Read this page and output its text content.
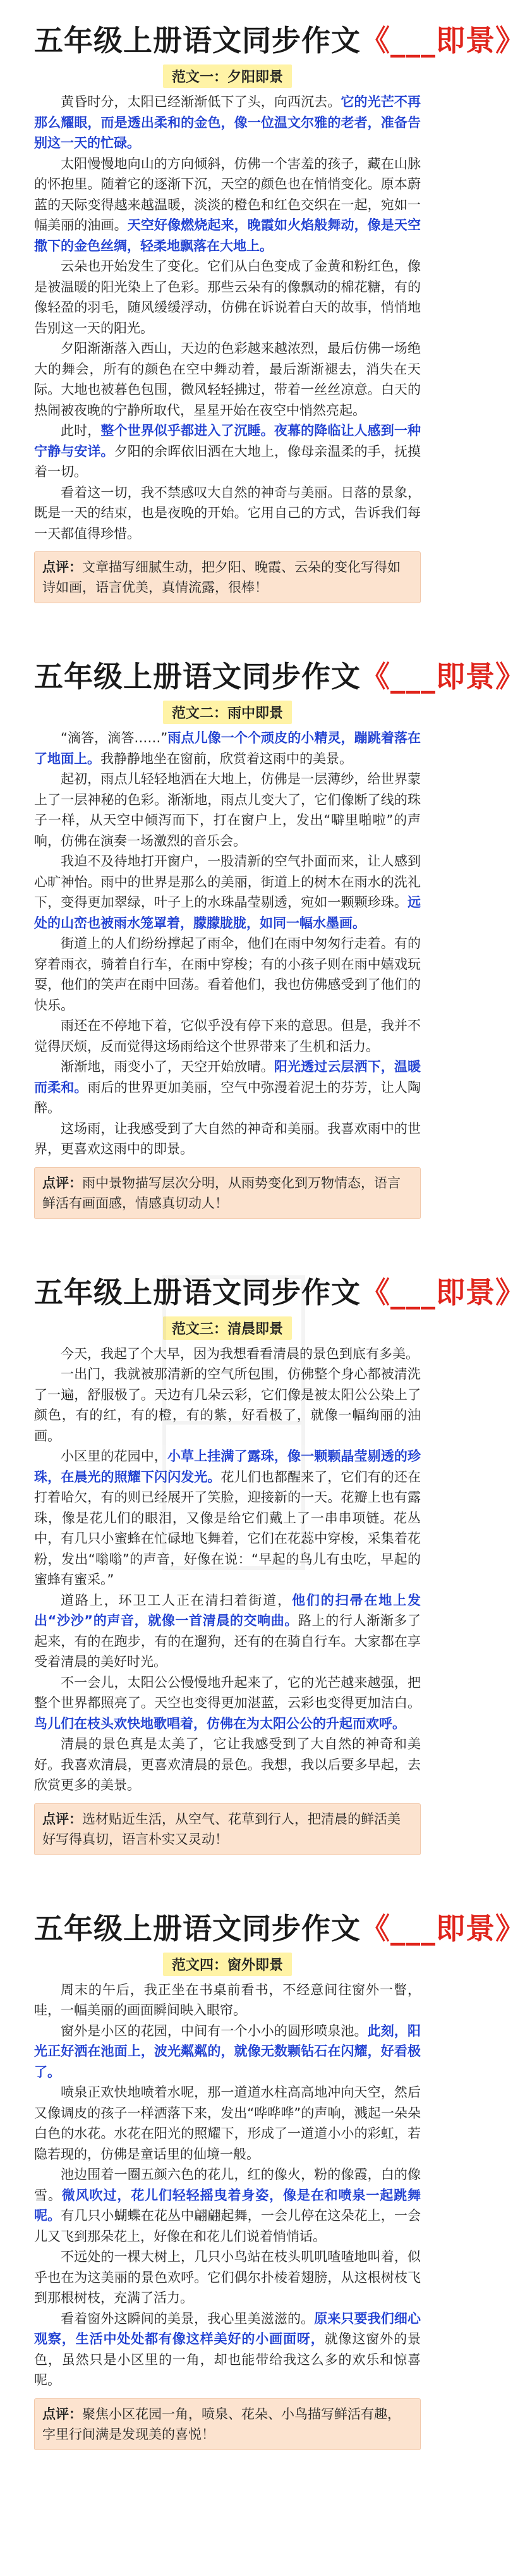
五年级上册语文同步作文《___即景》
范文一：夕阳即景

黄昏时分，太阳已经渐渐低下了头，向西沉去。它的光芒不再那么耀眼，而是透出柔和的金色，像一位温文尔雅的老者，准备告别这一天的忙碌。

太阳慢慢地向山的方向倾斜，仿佛一个害羞的孩子，藏在山脉的怀抱里。随着它的逐渐下沉，天空的颜色也在悄悄变化。原本蔚蓝的天际变得越来越温暖，淡淡的橙色和红色交织在一起，宛如一幅美丽的油画。天空好像燃烧起来，晚霞如火焰般舞动，像是天空撒下的金色丝绸，轻柔地飘落在大地上。

云朵也开始发生了变化。它们从白色变成了金黄和粉红色，像是被温暖的阳光染上了色彩。那些云朵有的像飘动的棉花糖，有的像轻盈的羽毛，随风缓缓浮动，仿佛在诉说着白天的故事，悄悄地告别这一天的阳光。

夕阳渐渐落入西山，天边的色彩越来越浓烈，最后仿佛一场绝大的舞会，所有的颜色在空中舞动着，最后渐渐褪去，消失在天际。大地也被暮色包围，微风轻轻拂过，带着一丝丝凉意。白天的热闹被夜晚的宁静所取代，星星开始在夜空中悄然亮起。

此时，整个世界似乎都进入了沉睡。夜幕的降临让人感到一种宁静与安详。夕阳的余晖依旧洒在大地上，像母亲温柔的手，抚摸着一切。

看着这一切，我不禁感叹大自然的神奇与美丽。日落的景象，既是一天的结束，也是夜晚的开始。它用自己的方式，告诉我们每一天都值得珍惜。

点评：文章描写细腻生动，把夕阳、晚霞、云朵的变化写得如诗如画，语言优美，真情流露，很棒！
五年级上册语文同步作文《___即景》
范文二：雨中即景

“滴答，滴答……”雨点儿像一个个顽皮的小精灵，蹦跳着落在了地面上。我静静地坐在窗前，欣赏着这雨中的美景。

起初，雨点儿轻轻地洒在大地上，仿佛是一层薄纱，给世界蒙上了一层神秘的色彩。渐渐地，雨点儿变大了，它们像断了线的珠子一样，从天空中倾泻而下，打在窗户上，发出“噼里啪啦”的声响，仿佛在演奏一场激烈的音乐会。

我迫不及待地打开窗户，一股清新的空气扑面而来，让人感到心旷神怡。雨中的世界是那么的美丽，街道上的树木在雨水的洗礼下，变得更加翠绿，叶子上的水珠晶莹剔透，宛如一颗颗珍珠。远处的山峦也被雨水笼罩着，朦朦胧胧，如同一幅水墨画。

街道上的人们纷纷撑起了雨伞，他们在雨中匆匆行走着。有的穿着雨衣，骑着自行车，在雨中穿梭；有的小孩子则在雨中嬉戏玩耍，他们的笑声在雨中回荡。看着他们，我也仿佛感受到了他们的快乐。

雨还在不停地下着，它似乎没有停下来的意思。但是，我并不觉得厌烦，反而觉得这场雨给这个世界带来了生机和活力。

渐渐地，雨变小了，天空开始放晴。阳光透过云层洒下，温暖而柔和。雨后的世界更加美丽，空气中弥漫着泥土的芬芳，让人陶醉。

这场雨，让我感受到了大自然的神奇和美丽。我喜欢雨中的世界，更喜欢这雨中的即景。

点评：雨中景物描写层次分明，从雨势变化到万物情态，语言鲜活有画面感，情感真切动人！
五年级上册语文同步作文《___即景》
范文三：清晨即景

今天，我起了个大早，因为我想看看清晨的景色到底有多美。

一出门，我就被那清新的空气所包围，仿佛整个身心都被清洗了一遍，舒服极了。天边有几朵云彩，它们像是被太阳公公染上了颜色，有的红，有的橙，有的紫，好看极了，就像一幅绚丽的油画。

小区里的花园中，小草上挂满了露珠，像一颗颗晶莹剔透的珍珠，在晨光的照耀下闪闪发光。花儿们也都醒来了，它们有的还在打着哈欠，有的则已经展开了笑脸，迎接新的一天。花瓣上也有露珠，像是花儿们的眼泪，又像是给它们戴上了一串串项链。花丛中，有几只小蜜蜂在忙碌地飞舞着，它们在花蕊中穿梭，采集着花粉，发出“嗡嗡”的声音，好像在说：“早起的鸟儿有虫吃，早起的蜜蜂有蜜采。”

道路上，环卫工人正在清扫着街道，他们的扫帚在地上发出“沙沙”的声音，就像一首清晨的交响曲。路上的行人渐渐多了起来，有的在跑步，有的在遛狗，还有的在骑自行车。大家都在享受着清晨的美好时光。

不一会儿，太阳公公慢慢地升起来了，它的光芒越来越强，把整个世界都照亮了。天空也变得更加湛蓝，云彩也变得更加洁白。鸟儿们在枝头欢快地歌唱着，仿佛在为太阳公公的升起而欢呼。

清晨的景色真是太美了，它让我感受到了大自然的神奇和美好。我喜欢清晨，更喜欢清晨的景色。我想，我以后要多早起，去欣赏更多的美景。

点评：选材贴近生活，从空气、花草到行人，把清晨的鲜活美好写得真切，语言朴实又灵动！
五年级上册语文同步作文《___即景》
范文四：窗外即景

周末的午后，我正坐在书桌前看书，不经意间往窗外一瞥，哇，一幅美丽的画面瞬间映入眼帘。

窗外是小区的花园，中间有一个小小的圆形喷泉池。此刻，阳光正好洒在池面上，波光粼粼的，就像无数颗钻石在闪耀，好看极了。

喷泉正欢快地喷着水呢，那一道道水柱高高地冲向天空，然后又像调皮的孩子一样洒落下来，发出“哗哗哗”的声响，溅起一朵朵白色的水花。水花在阳光的照耀下，形成了一道道小小的彩虹，若隐若现的，仿佛是童话里的仙境一般。

池边围着一圈五颜六色的花儿，红的像火，粉的像霞，白的像雪。微风吹过，花儿们轻轻摇曳着身姿，像是在和喷泉一起跳舞呢。有几只小蝴蝶在花丛中翩翩起舞，一会儿停在这朵花上，一会儿又飞到那朵花上，好像在和花儿们说着悄悄话。

不远处的一棵大树上，几只小鸟站在枝头叽叽喳喳地叫着，似乎也在为这美丽的景色欢呼。它们偶尔扑棱着翅膀，从这根树枝飞到那根树枝，充满了活力。

看着窗外这瞬间的美景，我心里美滋滋的。原来只要我们细心观察，生活中处处都有像这样美好的小画面呀，就像这窗外的景色，虽然只是小区里的一角，却也能带给我这么多的欢乐和惊喜呢。

点评：聚焦小区花园一角，喷泉、花朵、小鸟描写鲜活有趣，字里行间满是发现美的喜悦！
